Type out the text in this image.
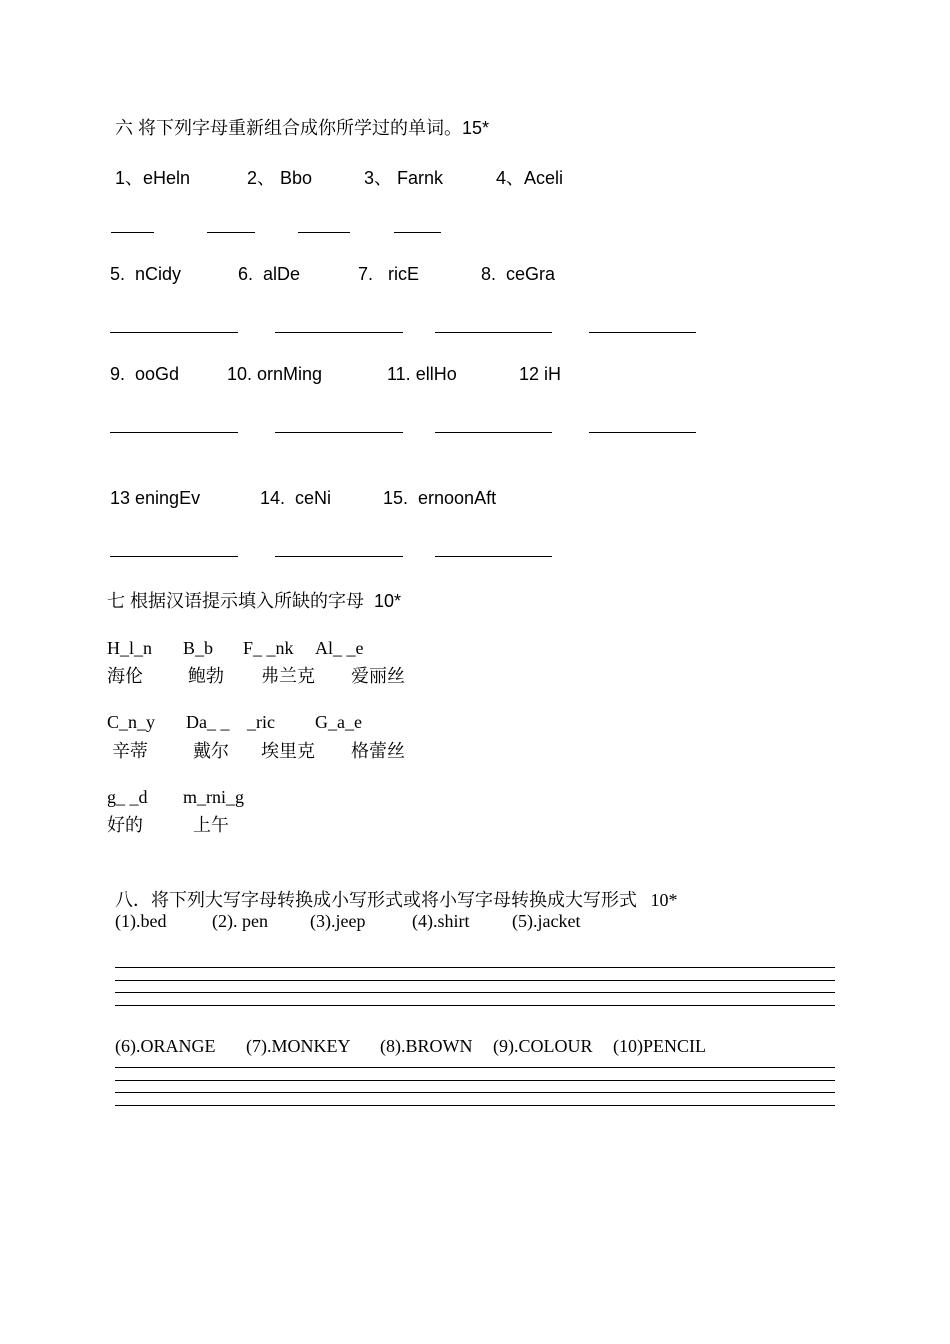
六 将下列字母重新组合成你所学过的单词。15*
1、eHeln	2、 Bbo	3、 Farnk	4、Aceli
5.  nCidy	6.  alDe	7.   ricE	8.  ceGra
9.  ooGd	10. ornMing	11. ellHo	12 iH
13 eningEv	14.  ceNi	15.  ernoonAft
七 根据汉语提示填入所缺的字母  10*
H_l_n B_b F_ _nk Al_ _e
海伦	鲍勃 弗兰克 爱丽丝
C_n_y Da_ _ _ric G_a_e
辛蒂	戴尔 埃里克 格蕾丝
g_ _d m_rni_g
好的	上午
八．将下列大写字母转换成小写形式或将小写字母转换成大写形式   10*
(1).bed	(2). pen (3).jeep	(4).shirt (5).jacket
(6).ORANGE (7).MONKEY (8).BROWN (9).COLOUR (10)PENCIL
